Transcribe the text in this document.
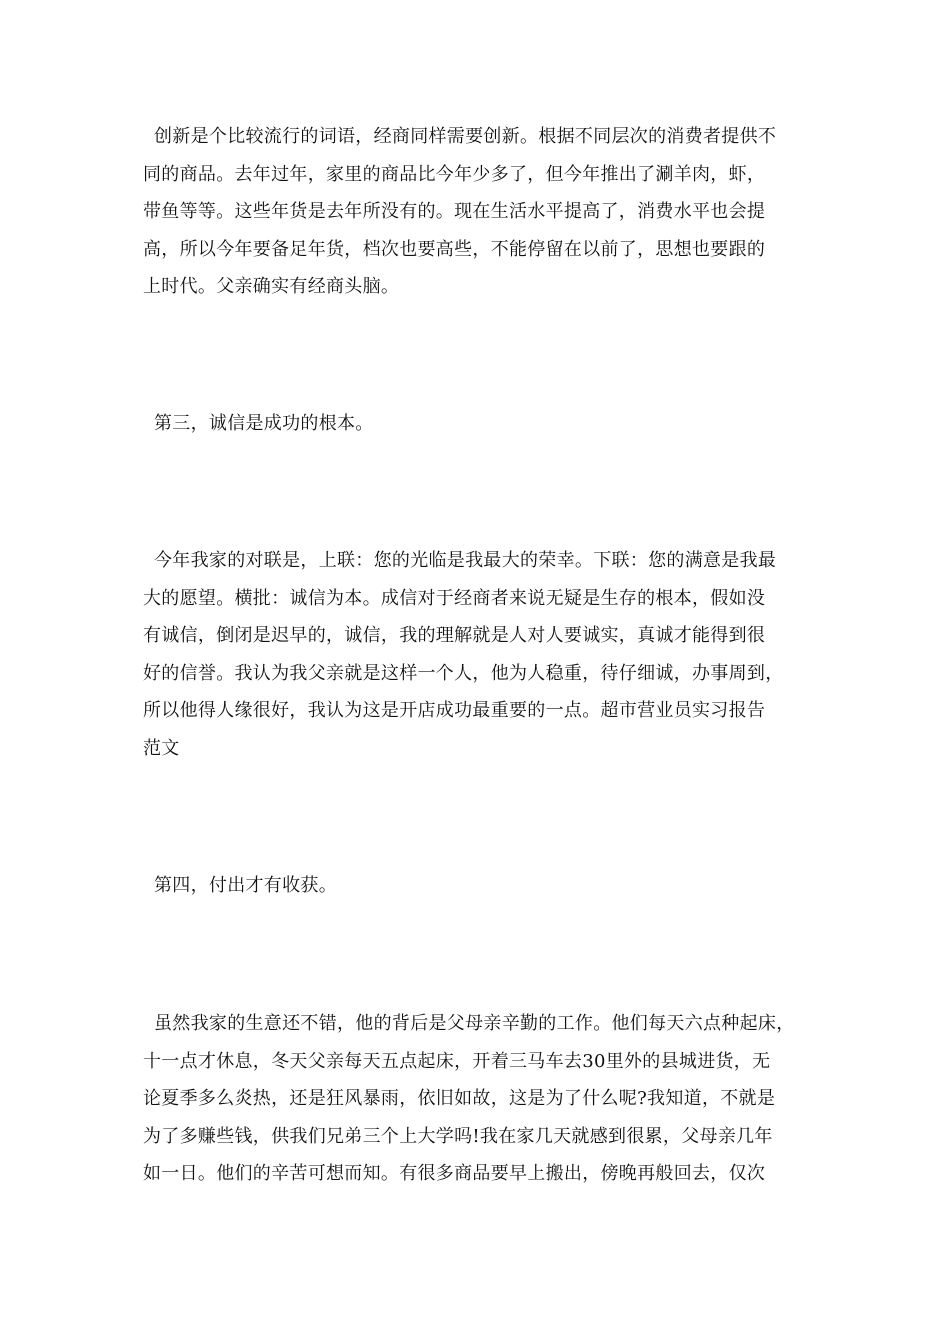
创新是个比较流行的词语，经商同样需要创新。根据不同层次的消费者提供不
同的商品。去年过年，家里的商品比今年少多了，但今年推出了涮羊肉，虾，
带鱼等等。这些年货是去年所没有的。现在生活水平提高了，消费水平也会提
高，所以今年要备足年货，档次也要高些，不能停留在以前了，思想也要跟的
上时代。父亲确实有经商头脑。

第三，诚信是成功的根本。

今年我家的对联是，上联：您的光临是我最大的荣幸。下联：您的满意是我最
大的愿望。横批：诚信为本。成信对于经商者来说无疑是生存的根本，假如没
有诚信，倒闭是迟早的，诚信，我的理解就是人对人要诚实，真诚才能得到很
好的信誉。我认为我父亲就是这样一个人，他为人稳重，待仔细诚，办事周到，
所以他得人缘很好，我认为这是开店成功最重要的一点。超市营业员实习报告
范文

第四，付出才有收获。

虽然我家的生意还不错，他的背后是父母亲辛勤的工作。他们每天六点种起床，
十一点才休息，冬天父亲每天五点起床，开着三马车去30里外的县城进货，无
论夏季多么炎热，还是狂风暴雨，依旧如故，这是为了什么呢?我知道，不就是
为了多赚些钱，供我们兄弟三个上大学吗!我在家几天就感到很累，父母亲几年
如一日。他们的辛苦可想而知。有很多商品要早上搬出，傍晚再般回去，仅次
